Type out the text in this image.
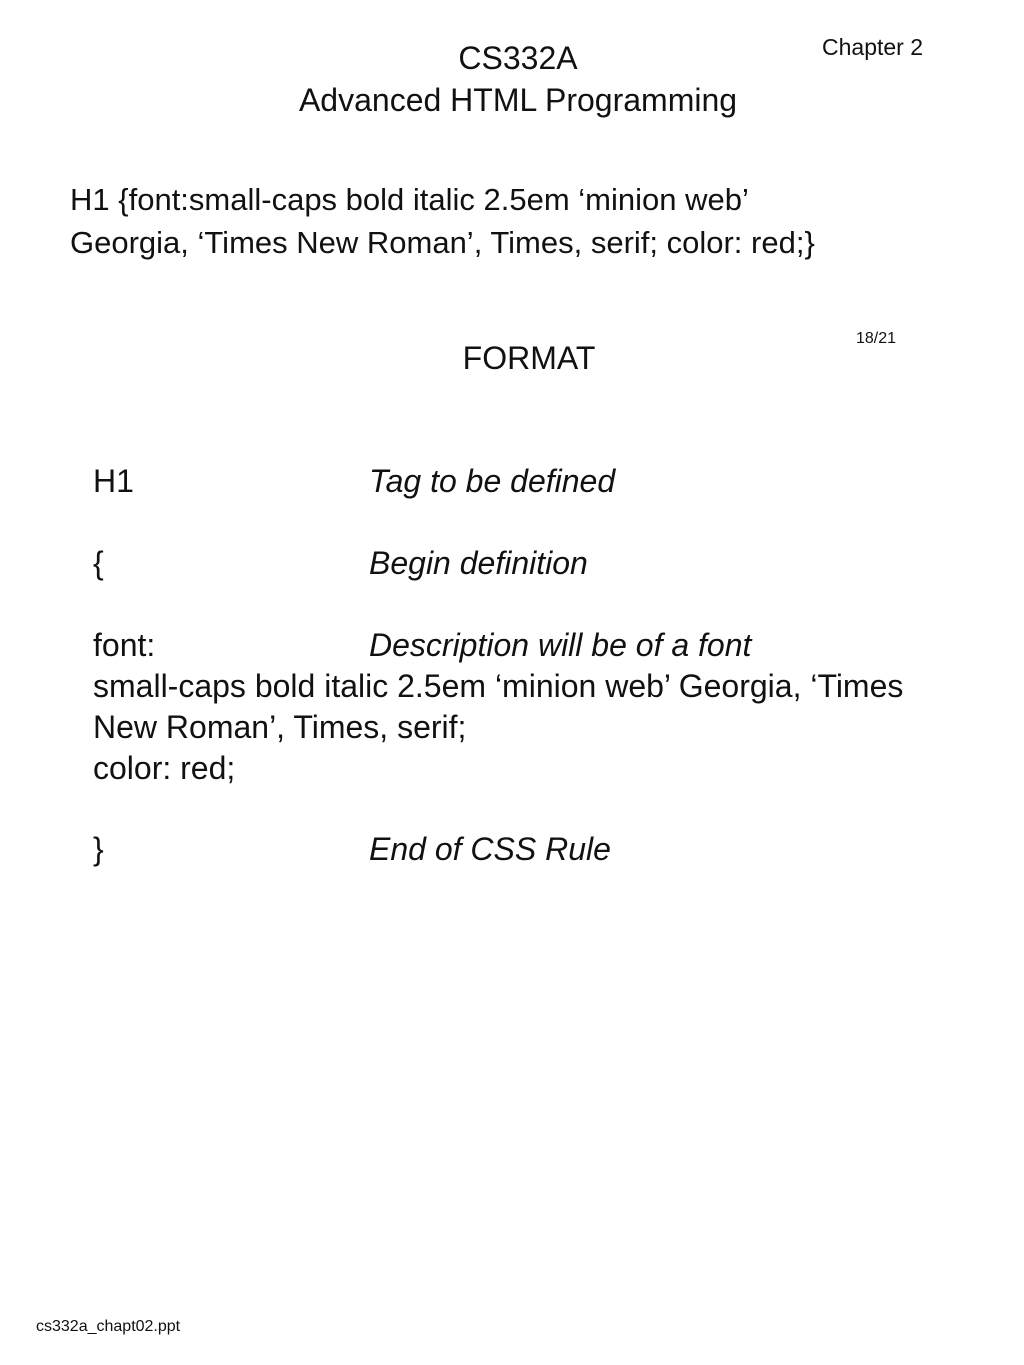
CS332A
Advanced HTML Programming
Chapter 2
H1 {font:small-caps bold italic 2.5em ‘minion web’
Georgia, ‘Times New Roman’, Times, serif; color: red;}
18/21
FORMAT
H1	Tag to be defined
{	Begin definition
font:	Description will be of a font
small-caps bold italic 2.5em ‘minion web’ Georgia, ‘Times
New Roman’, Times, serif;
color: red;
}	End of CSS Rule
cs332a_chapt02.ppt
